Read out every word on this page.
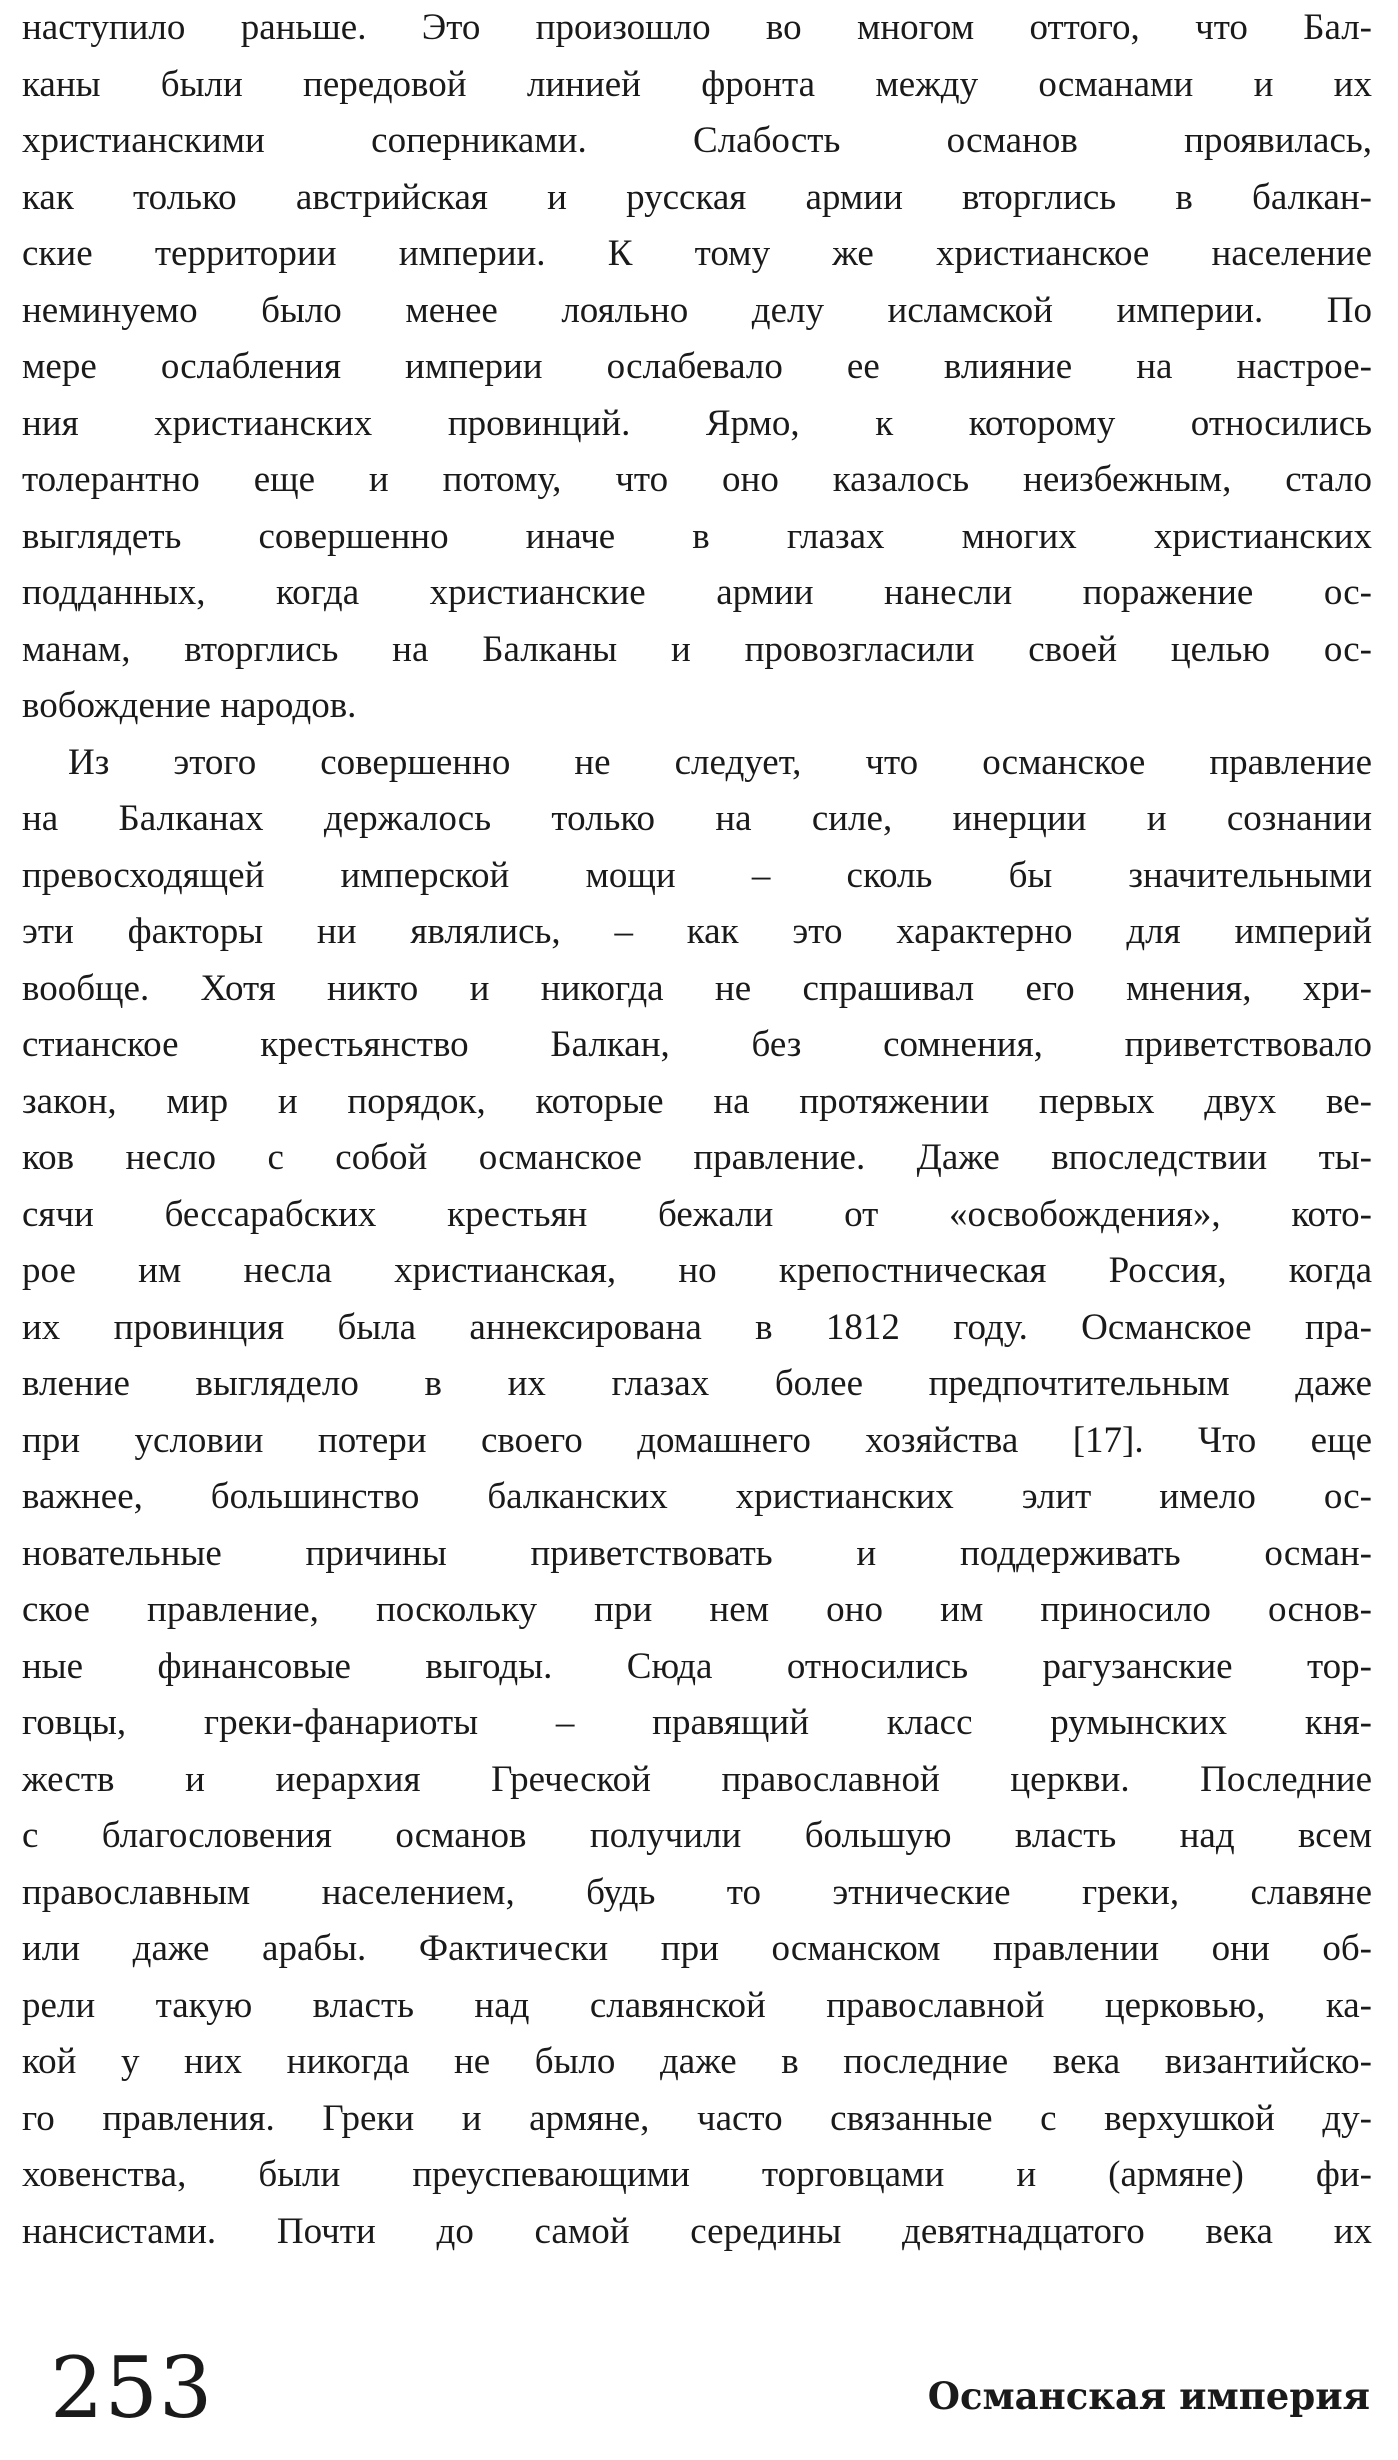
наступило раньше. Это произошло во многом оттого, что Бал-
каны были передовой линией фронта между османами и их
христианскими соперниками. Слабость османов проявилась,
как только австрийская и русская армии вторглись в балкан-
ские территории империи. К тому же христианское население
неминуемо было менее лояльно делу исламской империи. По
мере ослабления империи ослабевало ее влияние на настрое-
ния христианских провинций. Ярмо, к которому относились
толерантно еще и потому, что оно казалось неизбежным, стало
выглядеть совершенно иначе в глазах многих христианских
подданных, когда христианские армии нанесли поражение ос-
манам, вторглись на Балканы и провозгласили своей целью ос-
вобождение народов.
Из этого совершенно не следует, что османское правление
на Балканах держалось только на силе, инерции и сознании
превосходящей имперской мощи – сколь бы значительными
эти факторы ни являлись, – как это характерно для империй
вообще. Хотя никто и никогда не спрашивал его мнения, хри-
стианское крестьянство Балкан, без сомнения, приветствовало
закон, мир и порядок, которые на протяжении первых двух ве-
ков несло с собой османское правление. Даже впоследствии ты-
сячи бессарабских крестьян бежали от «освобождения», кото-
рое им несла христианская, но крепостническая Россия, когда
их провинция была аннексирована в 1812 году. Османское пра-
вление выглядело в их глазах более предпочтительным даже
при условии потери своего домашнего хозяйства [17]. Что еще
важнее, большинство балканских христианских элит имело ос-
новательные причины приветствовать и поддерживать осман-
ское правление, поскольку при нем оно им приносило основ-
ные финансовые выгоды. Сюда относились рагузанские тор-
говцы, греки-фанариоты – правящий класс румынских кня-
жеств и иерархия Греческой православной церкви. Последние
с благословения османов получили большую власть над всем
православным населением, будь то этнические греки, славяне
или даже арабы. Фактически при османском правлении они об-
рели такую власть над славянской православной церковью, ка-
кой у них никогда не было даже в последние века византийско-
го правления. Греки и армяне, часто связанные с верхушкой ду-
ховенства, были преуспевающими торговцами и (армяне) фи-
нансистами. Почти до самой середины девятнадцатого века их
253	Османская империя
